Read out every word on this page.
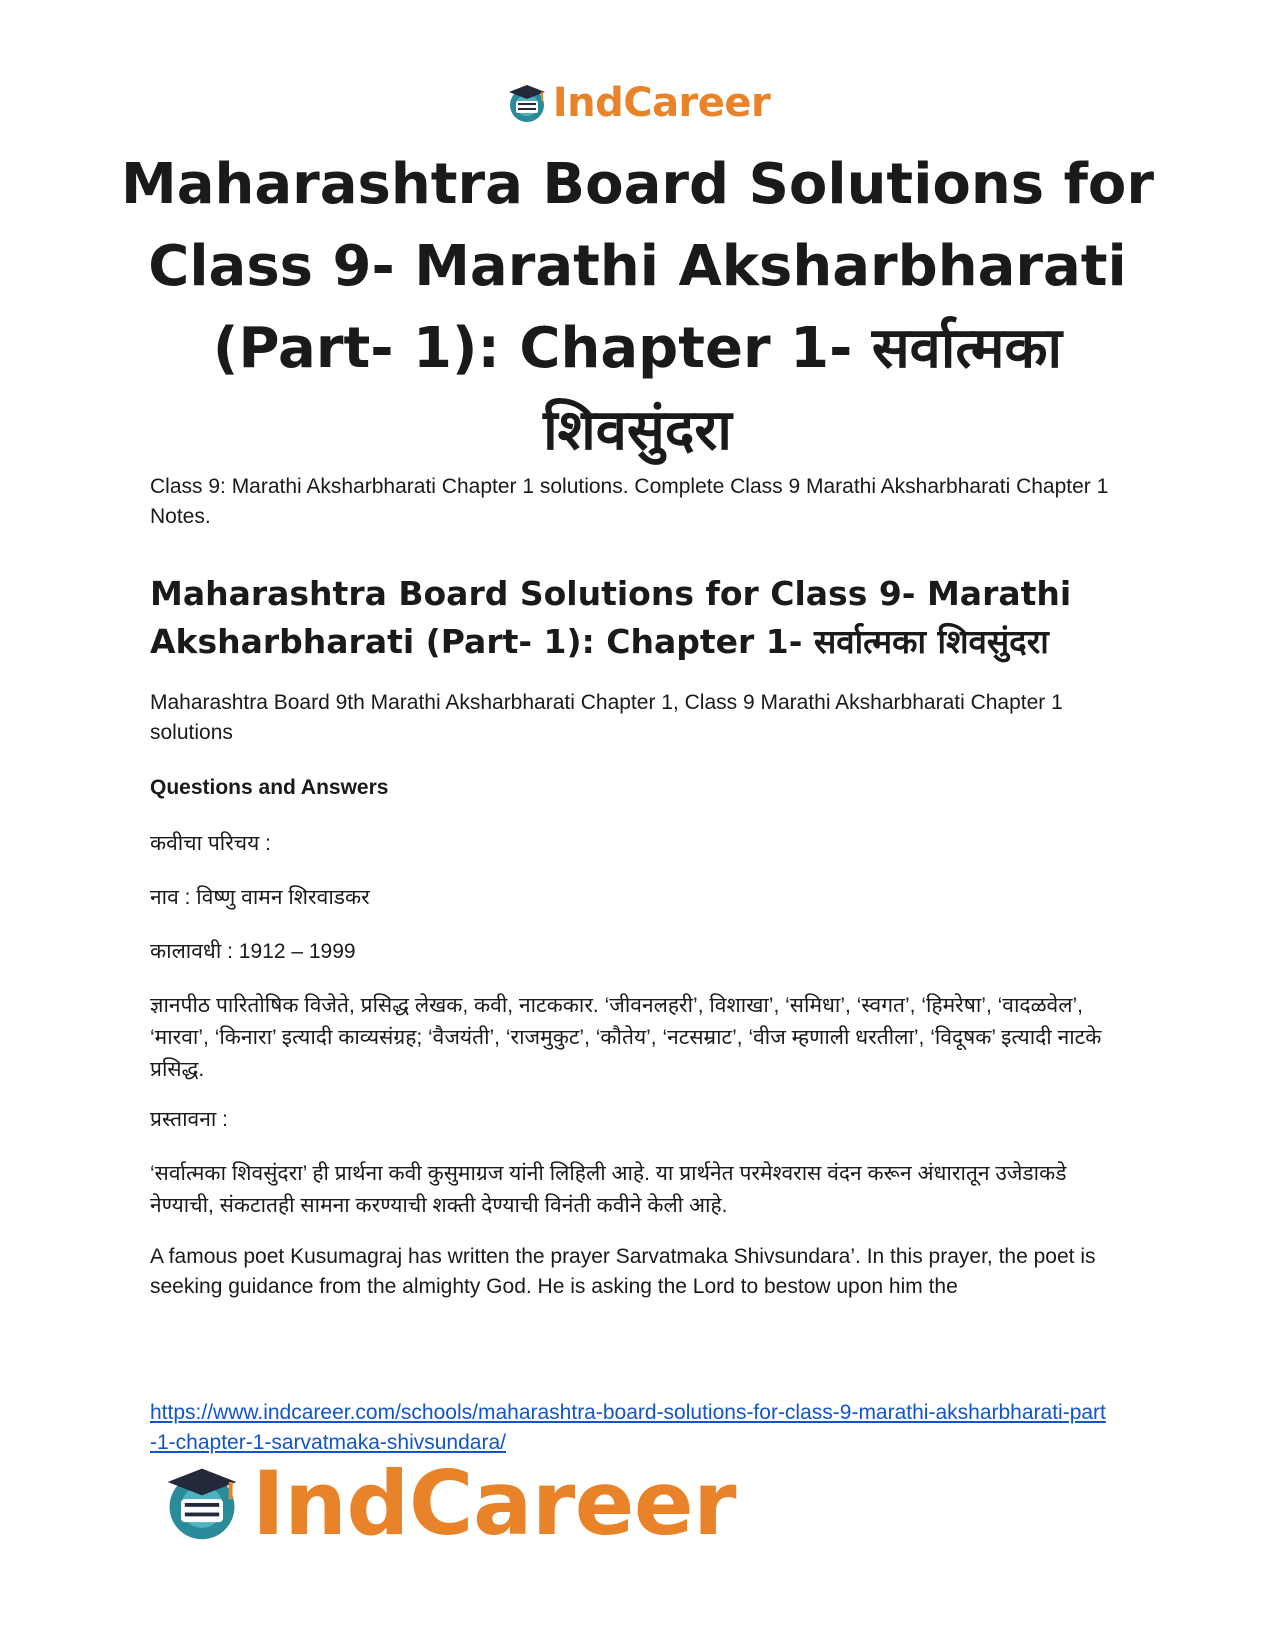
IndCareer
Maharashtra Board Solutions for Class 9- Marathi Aksharbharati (Part- 1): Chapter 1- सर्वात्मका शिवसुंदरा

Class 9: Marathi Aksharbharati Chapter 1 solutions. Complete Class 9 Marathi Aksharbharati Chapter 1 Notes.

Maharashtra Board Solutions for Class 9- Marathi Aksharbharati (Part- 1): Chapter 1- सर्वात्मका शिवसुंदरा

Maharashtra Board 9th Marathi Aksharbharati Chapter 1, Class 9 Marathi Aksharbharati Chapter 1 solutions

Questions and Answers

कवीचा परिचय :

नाव : विष्णु वामन शिरवाडकर

कालावधी : 1912 – 1999

ज्ञानपीठ पारितोषिक विजेते, प्रसिद्ध लेखक, कवी, नाटककार. ‘जीवनलहरी’, विशाखा’, ‘समिधा’, ‘स्वगत’, ‘हिमरेषा’, ‘वादळवेल’, ‘मारवा’, ‘किनारा’ इत्यादी काव्यसंग्रह; ‘वैजयंती’, ‘राजमुकुट’, ‘कौतेय’, ‘नटसम्राट’, ‘वीज म्हणाली धरतीला’, ‘विदूषक’ इत्यादी नाटके प्रसिद्ध.

प्रस्तावना :

‘सर्वात्मका शिवसुंदरा’ ही प्रार्थना कवी कुसुमाग्रज यांनी लिहिली आहे. या प्रार्थनेत परमेश्वरास वंदन करून अंधारातून उजेडाकडे नेण्याची, संकटातही सामना करण्याची शक्ती देण्याची विनंती कवीने केली आहे.

A famous poet Kusumagraj has written the prayer Sarvatmaka Shivsundara’. In this prayer, the poet is seeking guidance from the almighty God. He is asking the Lord to bestow upon him the

https://www.indcareer.com/schools/maharashtra-board-solutions-for-class-9-marathi-aksharbharati-part-1-chapter-1-sarvatmaka-shivsundara/
IndCareer
